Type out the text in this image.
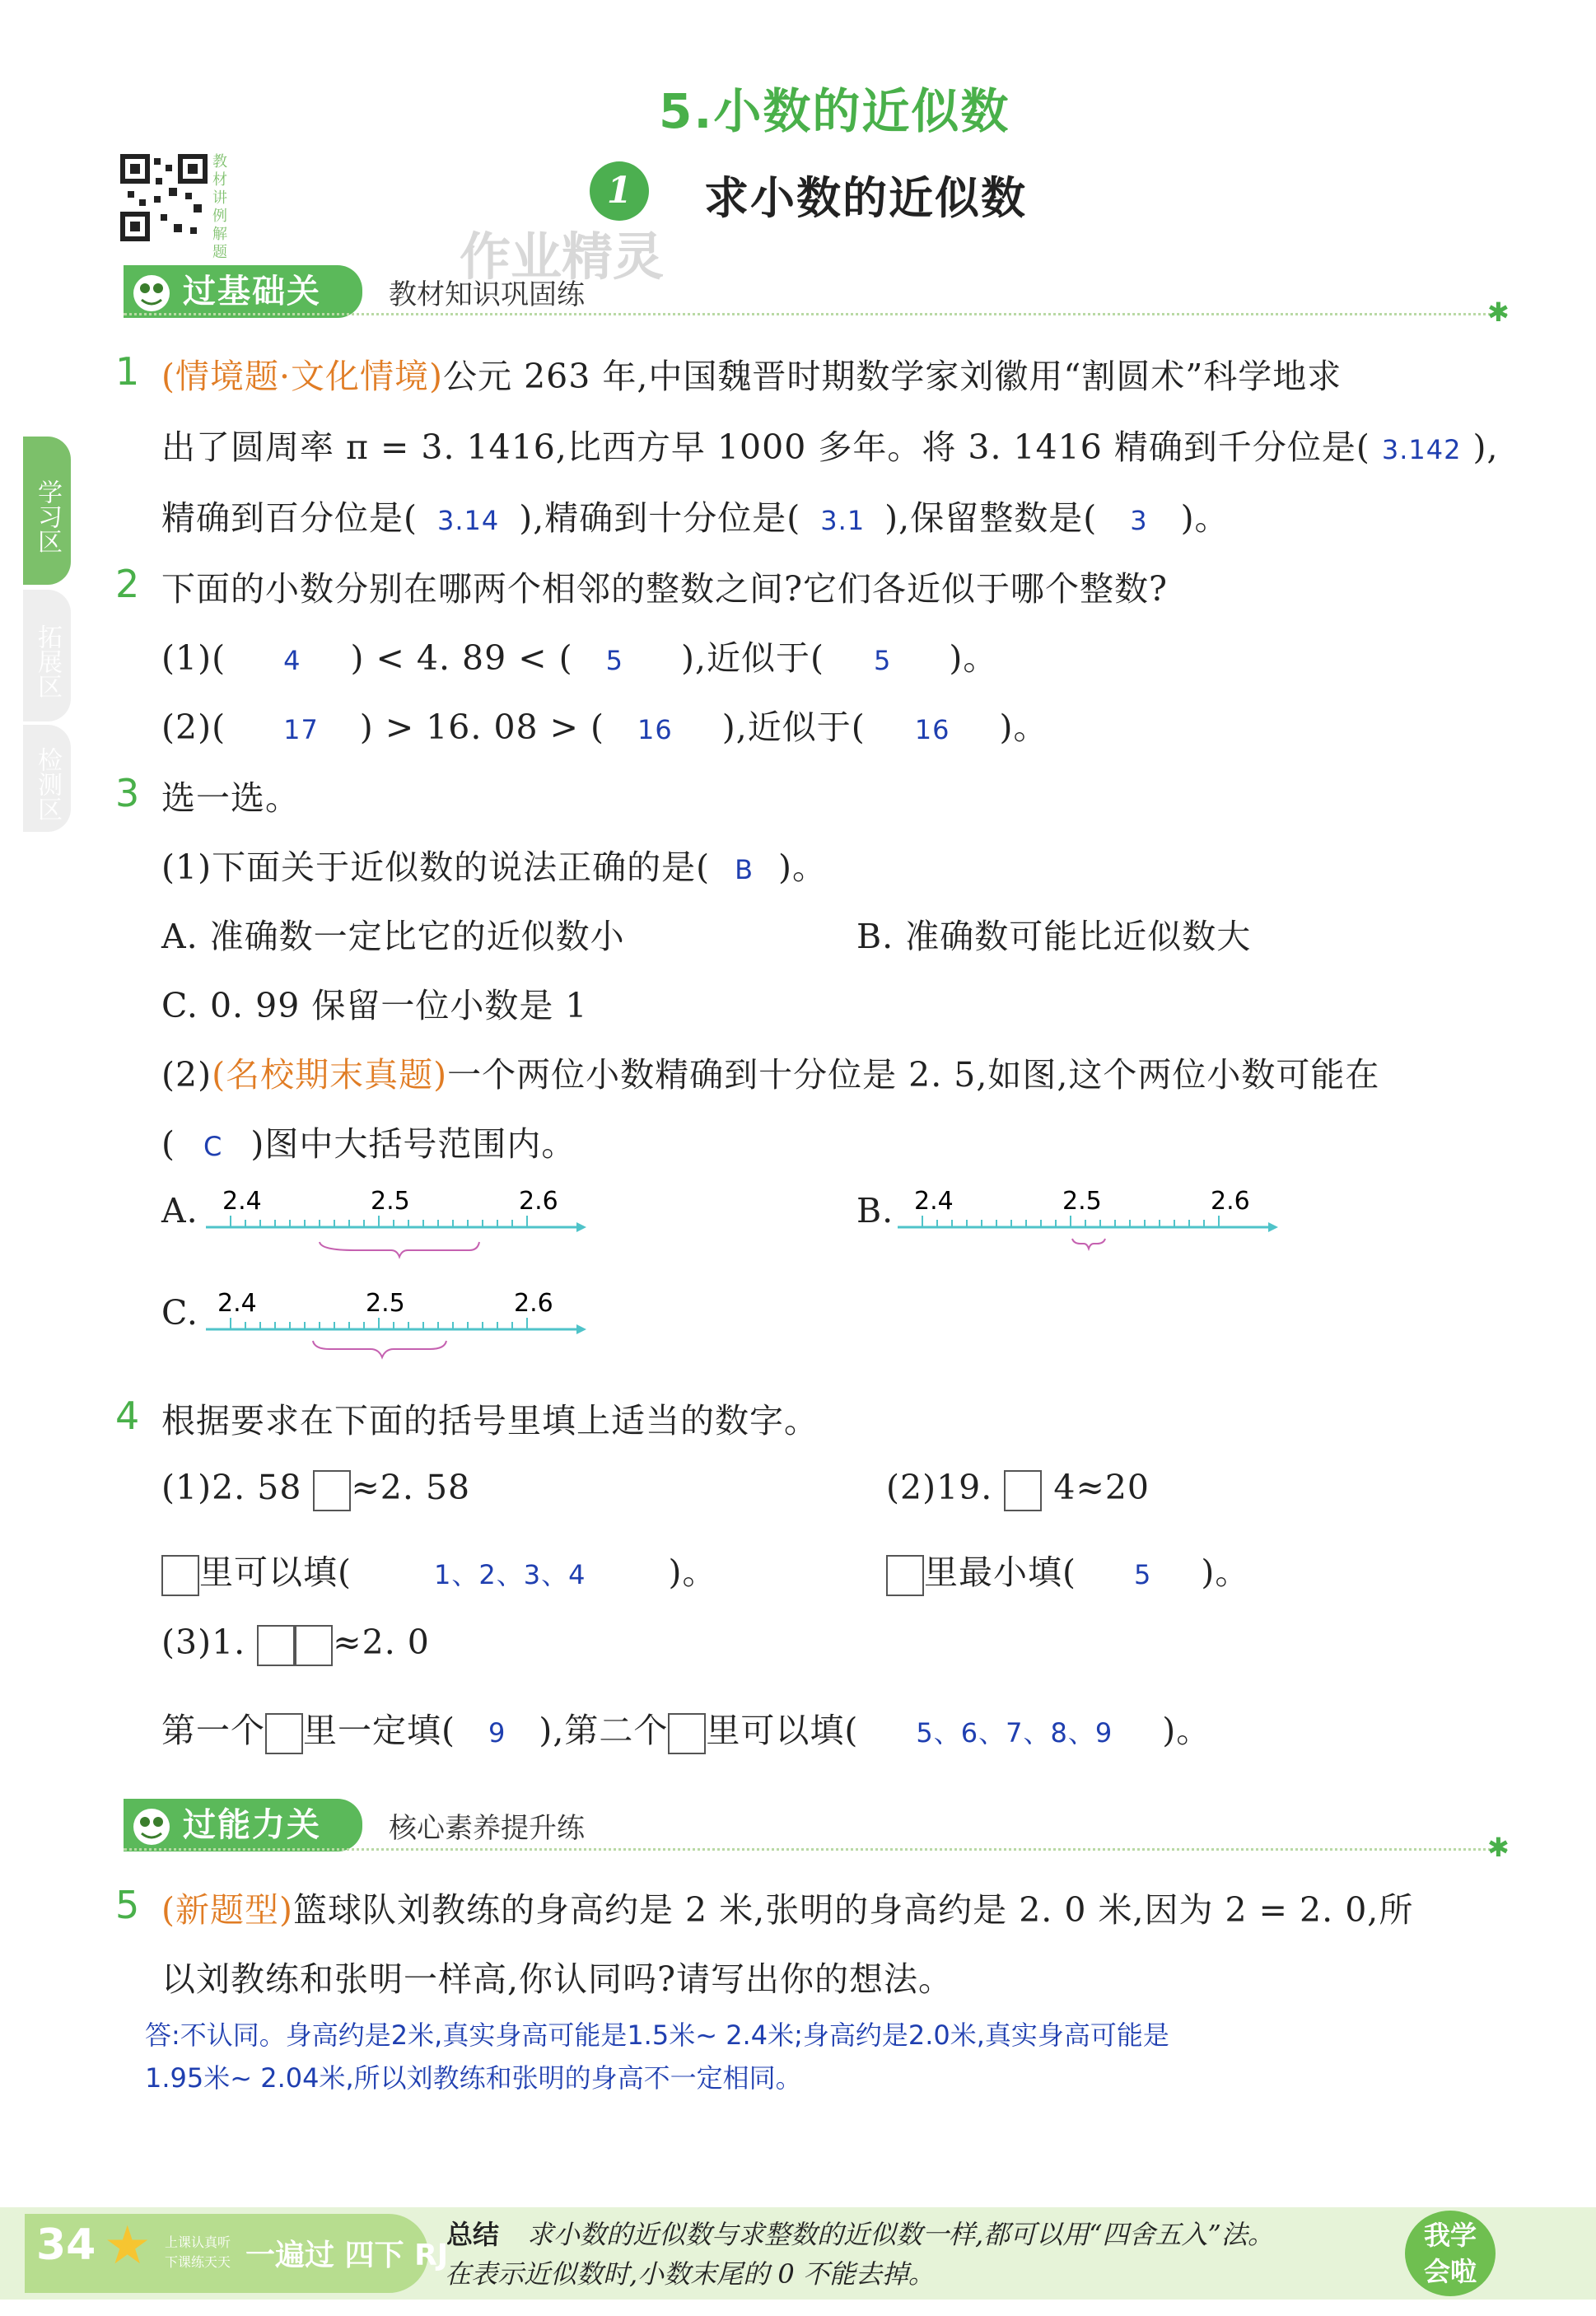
5.小数的近似数
教材讲例解题
1	求小数的近似数
作业精灵
学习区
拓展区
检测区
过基础关	教材知识巩固练
✱
1 (情境题·文化情境)公元 263 年,中国魏晋时期数学家刘徽用“割圆术”科学地求
出了圆周率 π = 3. 1416,比西方早 1000 多年。将 3. 1416 精确到千分位是( 3.142 ),
精确到百分位是( 3.14 ),精确到十分位是( 3.1 ),保留整数是( 3 )。
2 下面的小数分别在哪两个相邻的整数之间?它们各近似于哪个整数?
(1)( 4 ) < 4. 89 < ( 5 ),近似于( 5 )。
(2)( 17 ) > 16. 08 > ( 16 ),近似于( 16 )。
3 选一选。
(1)下面关于近似数的说法正确的是( B )。
A. 准确数一定比它的近似数小	B. 准确数可能比近似数大
C. 0. 99 保留一位小数是 1
(2)(名校期末真题)一个两位小数精确到十分位是 2. 5,如图,这个两位小数可能在
( C )图中大括号范围内。
A.	B.
C.
2.4	2.5	2.6	2.4	2.5	2.6
2.4	2.5	2.6
4 根据要求在下面的括号里填上适当的数字。
(1)2. 58 ≈2. 58	(2)19. 4≈20
里可以填(	1、2、3、4 )。	里最小填( 5 )。
(3)1.	≈2. 0
第一个 里一定填( 9 ),第二个 里可以填( 5、6、7、8、9 )。
过能力关	核心素养提升练
✱
5 (新题型)篮球队刘教练的身高约是 2 米,张明的身高约是 2. 0 米,因为 2 = 2. 0,所
以刘教练和张明一样高,你认同吗?请写出你的想法。
答:不认同。身高约是2米,真实身高可能是1.5米~ 2.4米;身高约是2.0米,真实身高可能是
1.95米~ 2.04米,所以刘教练和张明的身高不一定相同。
34 ★ 上课认真听
下课练天天 一遍过 四下 RJ
总结 求小数的近似数与求整数的近似数一样,都可以用“四舍五入”法。
在表示近似数时,小数末尾的 0 不能去掉。
我学
会啦
